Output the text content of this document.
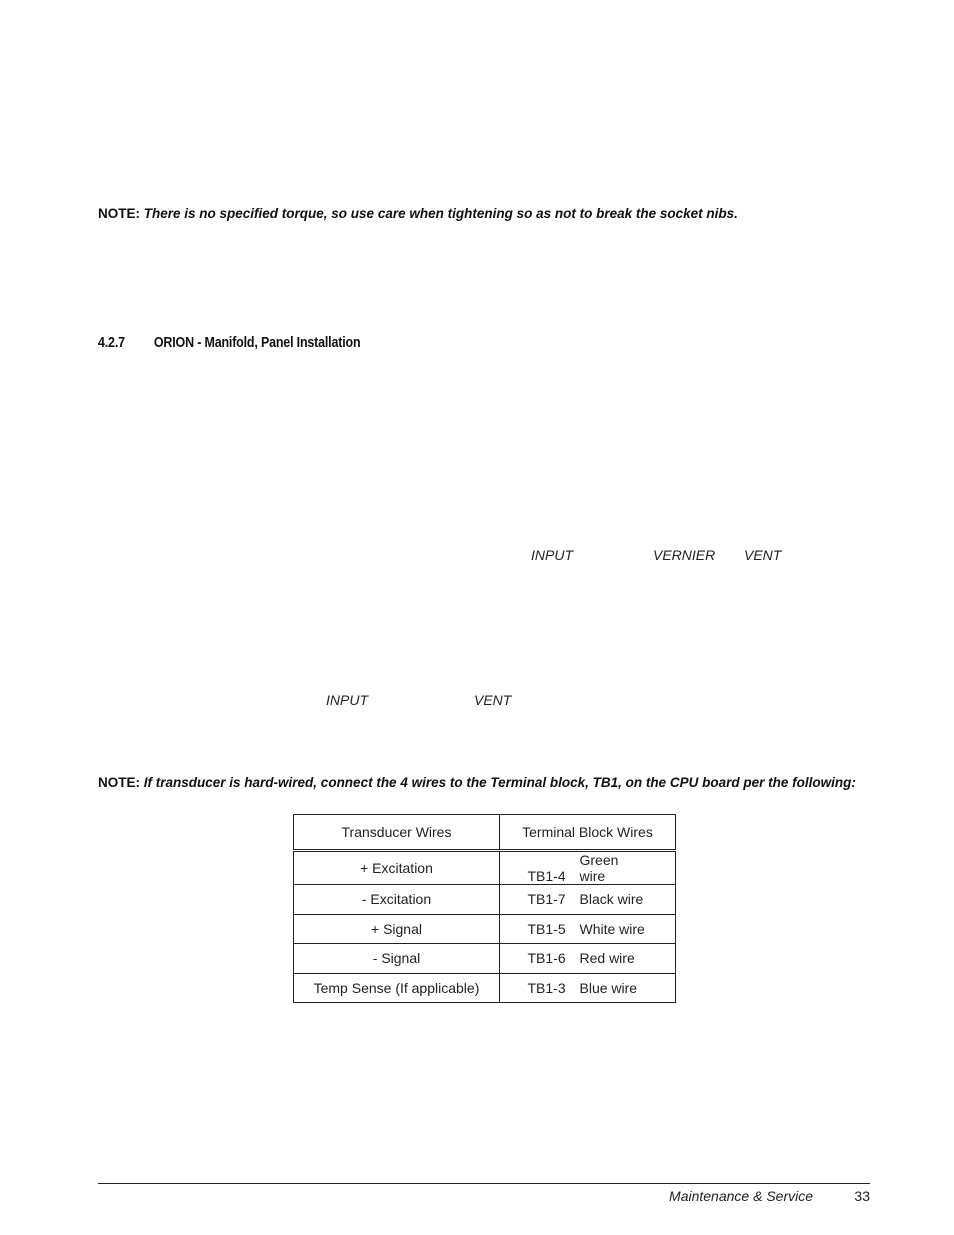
NOTE: There is no specified torque, so use care when tightening so as not to break the socket nibs.
4.2.7 ORION - Manifold, Panel Installation
INPUT	VERNIER VENT
INPUT	VENT
NOTE: If transducer is hard-wired, connect the 4 wires to the Terminal block, TB1, on the CPU board per the following:
Transducer Wires	Terminal Block Wires
+ Excitation	TB1-4Green wire
- Excitation	TB1-7 Black wire
+ Signal	TB1-5 White wire
- Signal	TB1-6 Red wire
Temp Sense (If applicable)	TB1-3 Blue wire
Maintenance & Service	33
